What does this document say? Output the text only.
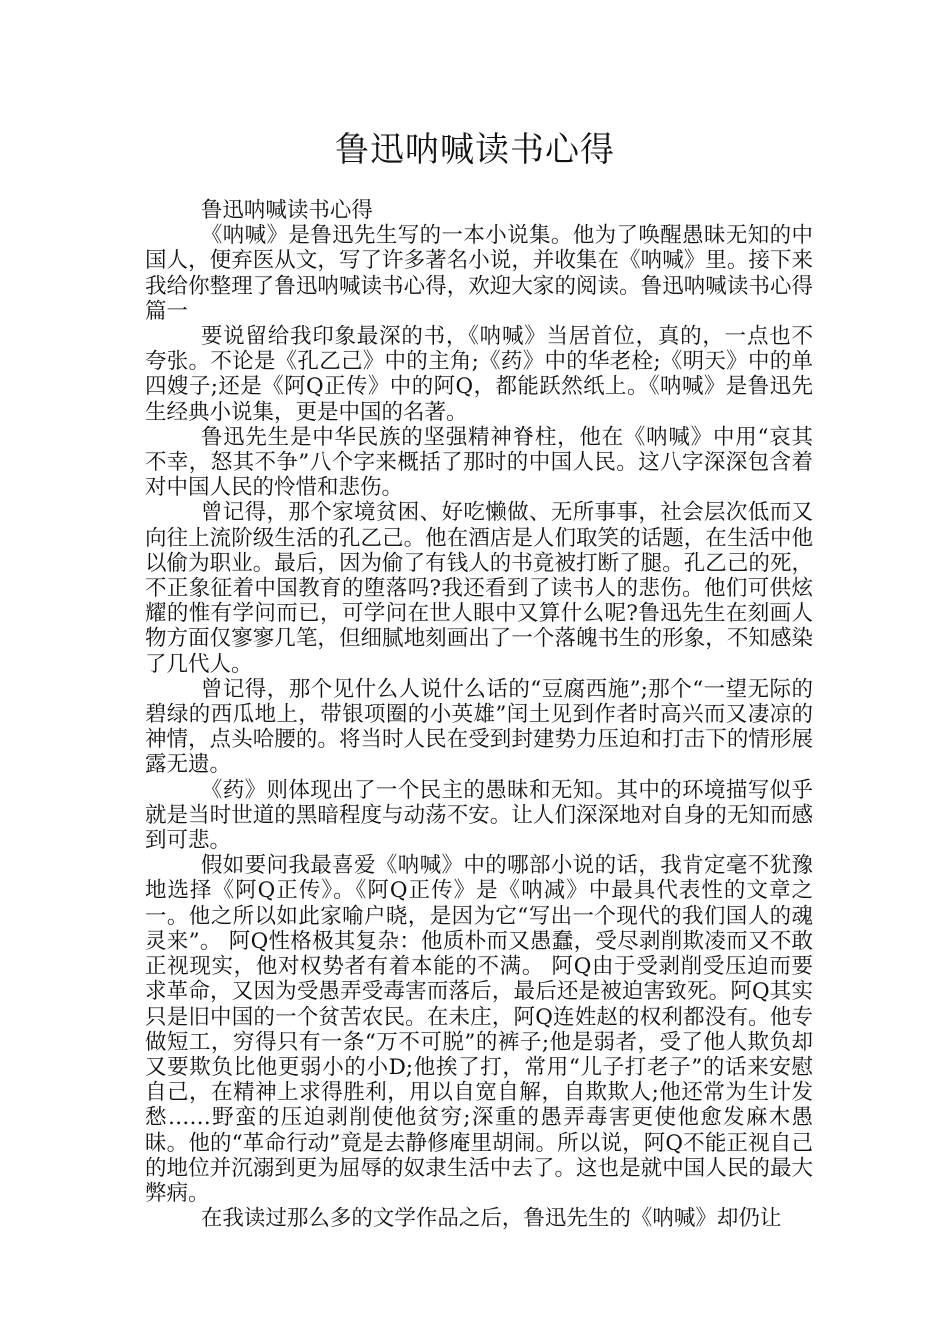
鲁迅呐喊读书心得

鲁迅呐喊读书心得

《呐喊》是鲁迅先生写的一本小说集。他为了唤醒愚昧无知的中国人，便弃医从文，写了许多著名小说，并收集在《呐喊》里。接下来我给你整理了鲁迅呐喊读书心得，欢迎大家的阅读。鲁迅呐喊读书心得篇一

要说留给我印象最深的书，《呐喊》当居首位，真的，一点也不夸张。不论是《孔乙己》中的主角;《药》中的华老栓;《明天》中的单四嫂子;还是《阿Q正传》中的阿Q，都能跃然纸上。《呐喊》是鲁迅先生经典小说集，更是中国的名著。

鲁迅先生是中华民族的坚强精神脊柱，他在《呐喊》中用“哀其不幸，怒其不争”八个字来概括了那时的中国人民。这八字深深包含着对中国人民的怜惜和悲伤。

曾记得，那个家境贫困、好吃懒做、无所事事，社会层次低而又向往上流阶级生活的孔乙己。他在酒店是人们取笑的话题，在生活中他以偷为职业。最后，因为偷了有钱人的书竟被打断了腿。孔乙己的死，不正象征着中国教育的堕落吗?我还看到了读书人的悲伤。他们可供炫耀的惟有学问而已，可学问在世人眼中又算什么呢?鲁迅先生在刻画人物方面仅寥寥几笔，但细腻地刻画出了一个落魄书生的形象，不知感染了几代人。

曾记得，那个见什么人说什么话的“豆腐西施”;那个“一望无际的碧绿的西瓜地上，带银项圈的小英雄”闰土见到作者时高兴而又凄凉的神情，点头哈腰的。将当时人民在受到封建势力压迫和打击下的情形展露无遗。

《药》则体现出了一个民主的愚昧和无知。其中的环境描写似乎就是当时世道的黑暗程度与动荡不安。让人们深深地对自身的无知而感到可悲。

假如要问我最喜爱《呐喊》中的哪部小说的话，我肯定毫不犹豫地选择《阿Q正传》。《阿Q正传》是《呐减》中最具代表性的文章之一。他之所以如此家喻户晓，是因为它“写出一个现代的我们国人的魂灵来”。 阿Q性格极其复杂：他质朴而又愚蠢，受尽剥削欺凌而又不敢正视现实，他对权势者有着本能的不满。 阿Q由于受剥削受压迫而要求革命，又因为受愚弄受毒害而落后，最后还是被迫害致死。阿Q其实只是旧中国的一个贫苦农民。在未庄，阿Q连姓赵的权利都没有。他专做短工，穷得只有一条“万不可脱”的裤子;他是弱者，受了他人欺负却又要欺负比他更弱小的小D;他挨了打，常用“儿子打老子”的话来安慰自己，在精神上求得胜利，用以自宽自解，自欺欺人;他还常为生计发愁……野蛮的压迫剥削使他贫穷;深重的愚弄毒害更使他愈发麻木愚昧。他的“革命行动”竟是去静修庵里胡闹。所以说，阿Q不能正视自己的地位并沉溺到更为屈辱的奴隶生活中去了。这也是就中国人民的最大弊病。

在我读过那么多的文学作品之后，鲁迅先生的《呐喊》却仍让
